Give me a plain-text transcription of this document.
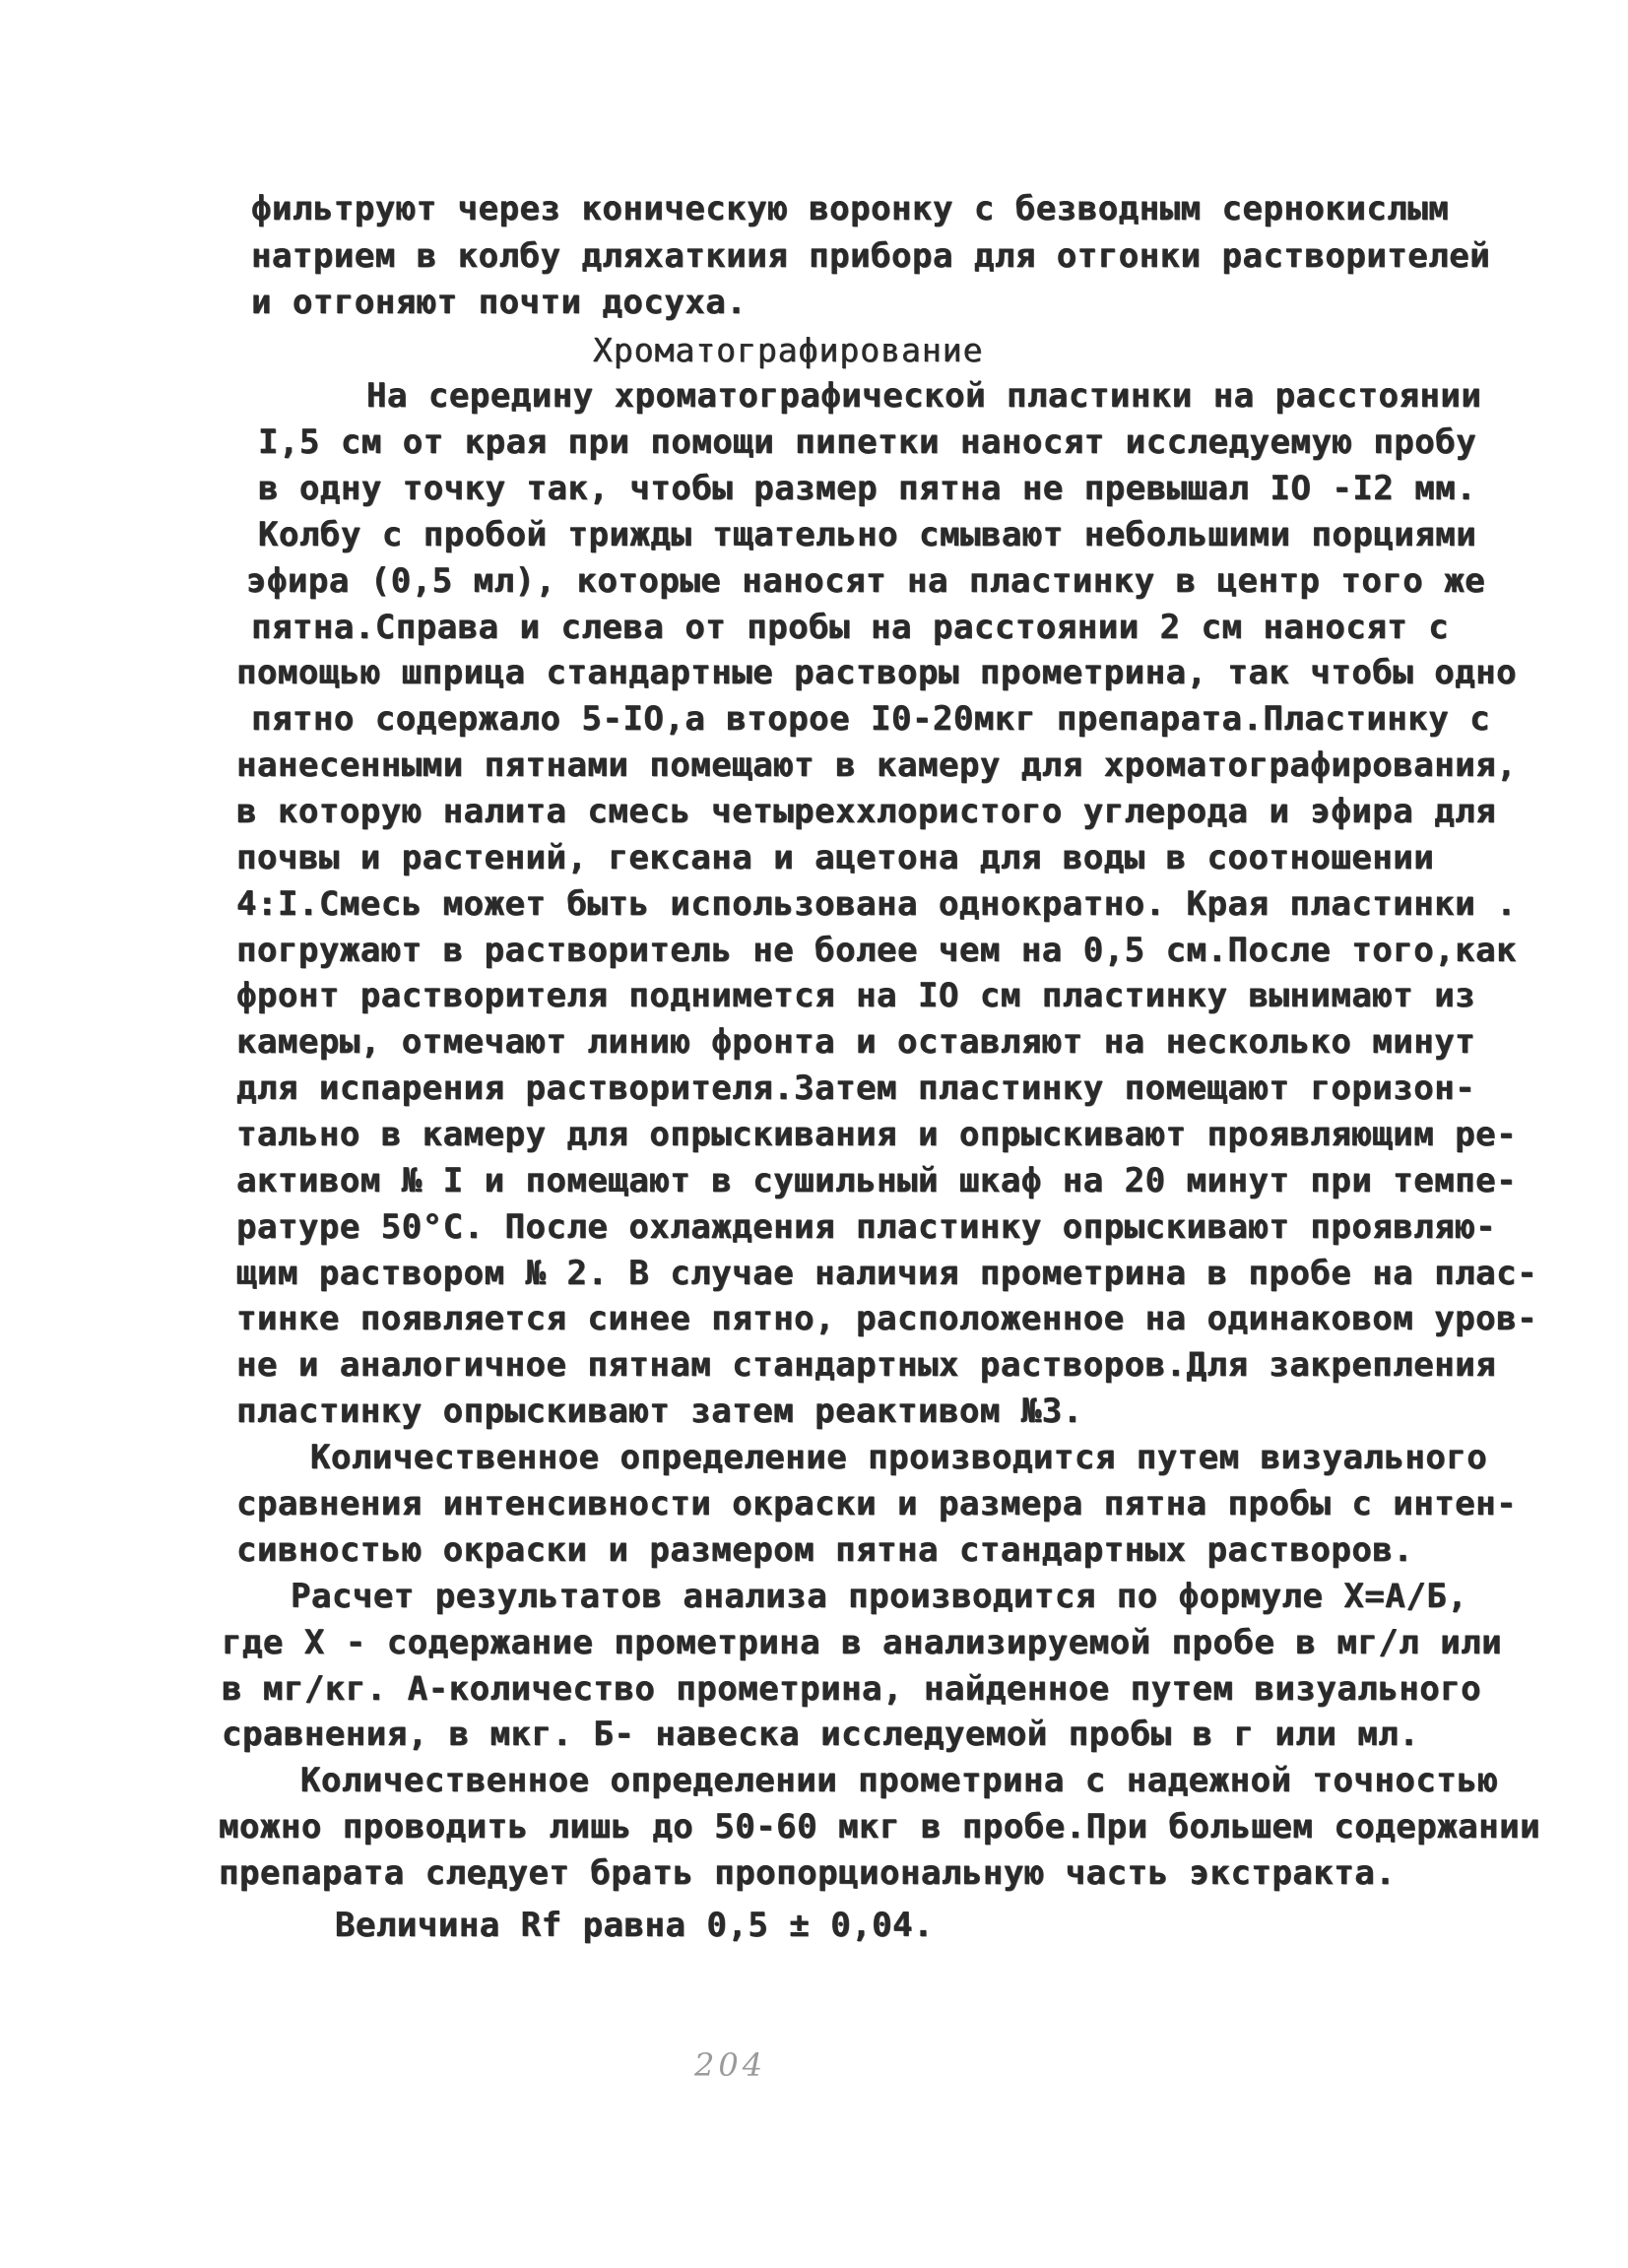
фильтруют через коническую воронку с безводным сернокислым
натрием в колбу дляхаткиия прибора для отгонки растворителей
и отгоняют почти досуха.
Хроматографирование
На середину хроматографической пластинки на расстоянии
I,5 см от края при помощи пипетки наносят исследуемую пробу
в одну точку так, чтобы размер пятна не превышал IO -I2 мм.
Колбу с пробой трижды тщательно смывают небольшими порциями
эфира (0,5 мл), которые наносят на пластинку в центр того же
пятна.Справа и слева от пробы на расстоянии 2 см наносят с
помощью шприца стандартные растворы прометрина, так чтобы одно
пятно содержало 5-IO,а второе I0-20мкг препарата.Пластинку с
нанесенными пятнами помещают в камеру для хроматографирования,
в которую налита смесь четыреххлористого углерода и эфира для
почвы и растений, гексана и ацетона для воды в соотношении
4:I.Смесь может быть использована однократно. Края пластинки .
погружают в растворитель не более чем на 0,5 см.После того,как
фронт растворителя поднимется на IO см пластинку вынимают из
камеры, отмечают линию фронта и оставляют на несколько минут
для испарения растворителя.Затем пластинку помещают горизон-
тально в камеру для опрыскивания и опрыскивают проявляющим ре-
активом № I и помещают в сушильный шкаф на 20 минут при темпе-
ратуре 50°С. После охлаждения пластинку опрыскивают проявляю-
щим раствором № 2. В случае наличия прометрина в пробе на плас-
тинке появляется синее пятно, расположенное на одинаковом уров-
не и аналогичное пятнам стандартных растворов.Для закрепления
пластинку опрыскивают затем реактивом №3.
Количественное определение производится путем визуального
сравнения интенсивности окраски и размера пятна пробы с интен-
сивностью окраски и размером пятна стандартных растворов.
Расчет результатов анализа производится по формуле Х=А/Б,
где Х - содержание прометрина в анализируемой пробе в мг/л или
в мг/кг. А-количество прометрина, найденное путем визуального
сравнения, в мкг. Б- навеска исследуемой пробы в г или мл.
Количественное определении прометрина с надежной точностью
можно проводить лишь до 50-60 мкг в пробе.При большем содержании
препарата следует брать пропорциональную часть экстракта.
Величина Rf равна 0,5 ± 0,04.
204
